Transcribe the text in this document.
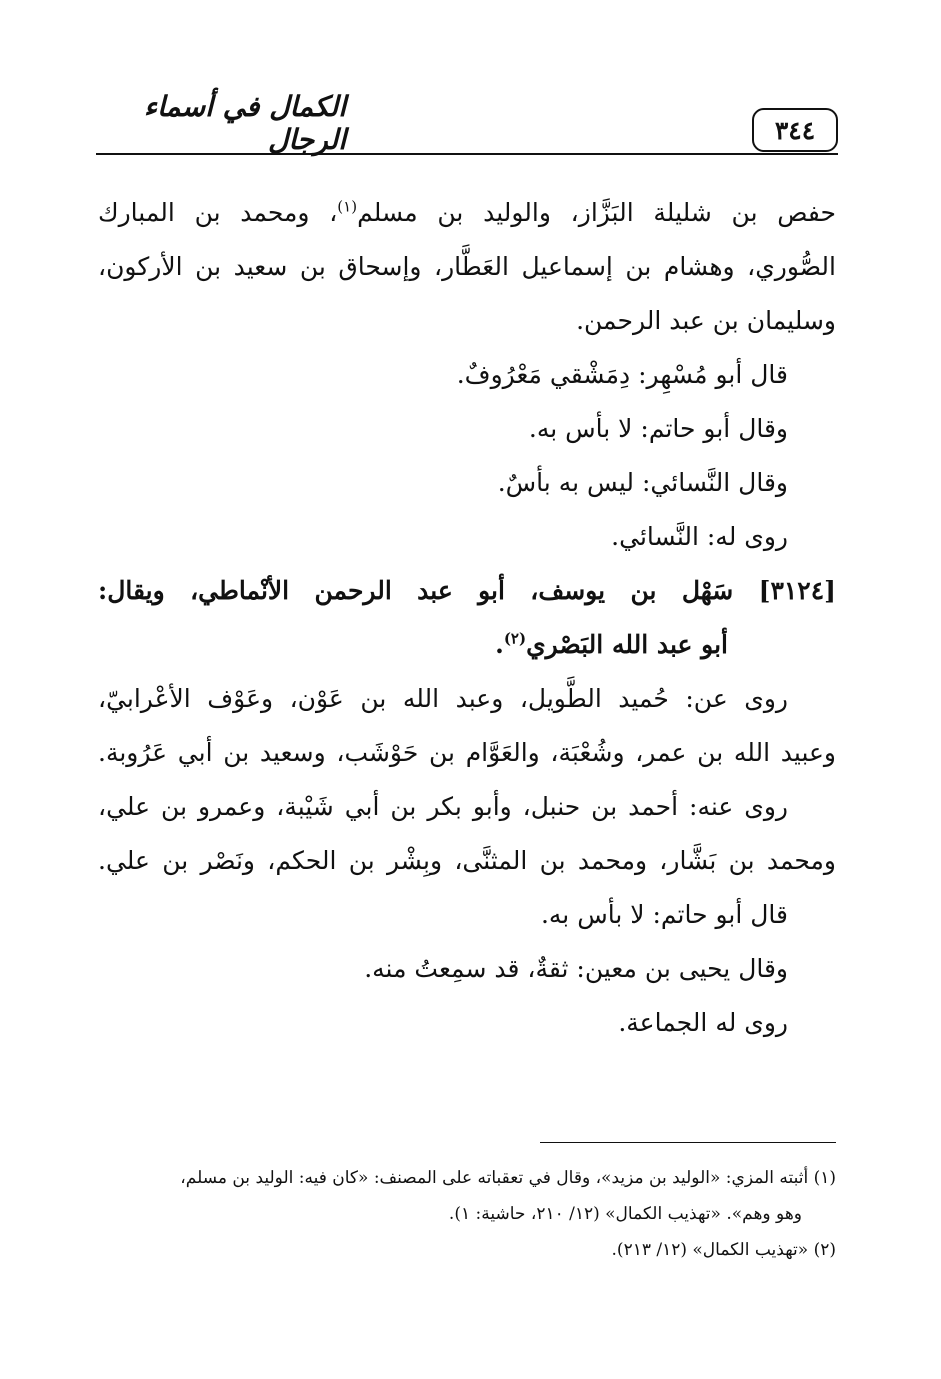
٣٤٤
الكمال في أسماء الرجال
حفص بن شليلة البَزَّاز، والوليد بن مسلم$^{(١)}$، ومحمد بن المبارك
الصُّوري، وهشام بن إسماعيل العَطَّار، وإسحاق بن سعيد بن الأركون،
وسليمان بن عبد الرحمن.
قال أبو مُسْهِر: دِمَشْقي مَعْرُوفٌ.
وقال أبو حاتم: لا بأس به.
وقال النَّسائي: ليس به بأسٌ.
روى له: النَّسائي.
[٣١٢٤] سَهْل بن يوسف، أبو عبد الرحمن الأنْماطي، ويقال:
أبو عبد الله البَصْري$^{(٢)}$.
روى عن: حُميد الطَّويل، وعبد الله بن عَوْن، وعَوْف الأعْرابيّ،
وعبيد الله بن عمر، وشُعْبَة، والعَوَّام بن حَوْشَب، وسعيد بن أبي عَرُوبة.
روى عنه: أحمد بن حنبل، وأبو بكر بن أبي شَيْبة، وعمرو بن علي،
ومحمد بن بَشَّار، ومحمد بن المثنَّى، وبِشْر بن الحكم، ونَصْر بن علي.
قال أبو حاتم: لا بأس به.
وقال يحيى بن معين: ثقةٌ، قد سمِعتُ منه.
روى له الجماعة.
(١) أثبته المزي: «الوليد بن مزيد»، وقال في تعقباته على المصنف: «كان فيه: الوليد بن مسلم،
وهو وهم». «تهذيب الكمال» (١٢/ ٢١٠، حاشية: ١).
(٢) «تهذيب الكمال» (١٢/ ٢١٣).
